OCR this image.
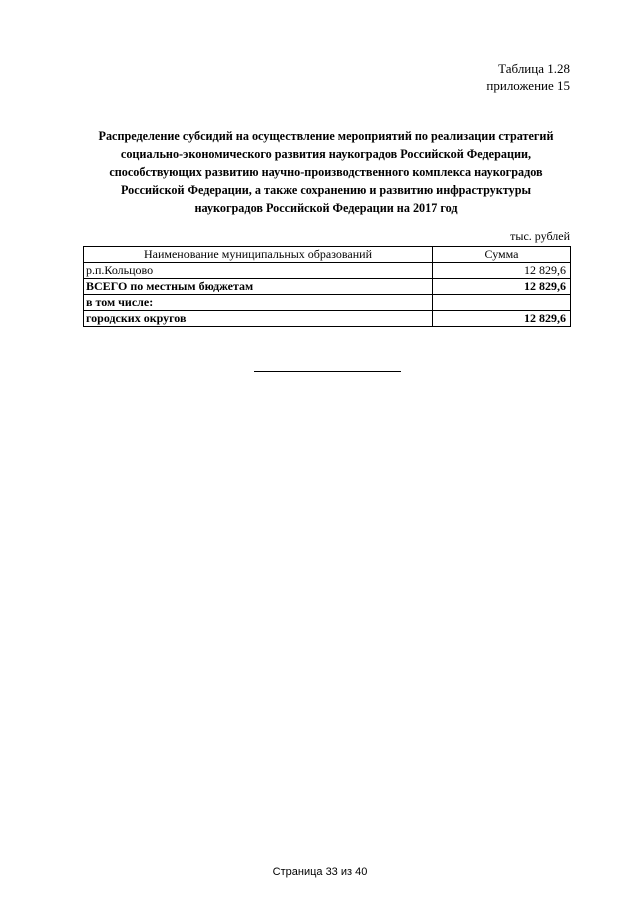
Таблица 1.28
приложение 15
Распределение субсидий на осуществление мероприятий по реализации стратегий
социально-экономического развития наукоградов Российской Федерации,
способствующих развитию научно-производственного комплекса наукоградов
Российской Федерации, а также сохранению и развитию инфраструктуры
наукоградов Российской Федерации на 2017 год
тыс. рублей
Наименование муниципальных образований	Сумма
р.п.Кольцово	12 829,6
ВСЕГО по местным бюджетам	12 829,6
в том числе:	
городских округов	12 829,6
Страница 33 из 40
